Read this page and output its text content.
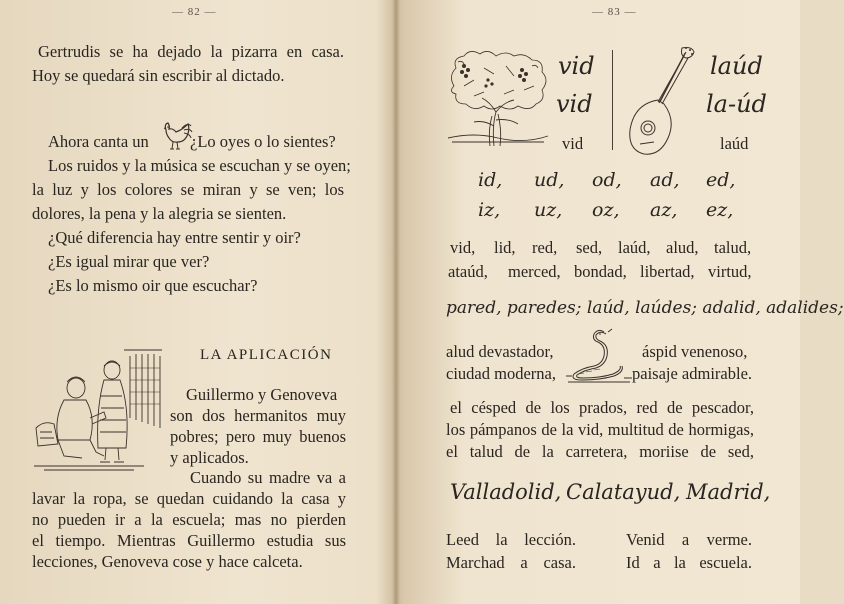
— 82 —
Gertrudis se ha dejado la pizarra en casa.
Hoy se quedará sin escribir al dictado.
Ahora canta un ¿Lo oyes o lo sientes?
Los ruidos y la música se escuchan y se oyen;
la luz y los colores se miran y se ven; los
dolores, la pena y la alegria se sienten.
¿Qué diferencia hay entre sentir y oir?
¿Es igual mirar que ver?
¿Es lo mismo oir que escuchar?
LA APLICACIÓN
Guillermo y Genoveva
son dos hermanitos muy
pobres; pero muy buenos
y aplicados.
Cuando su madre va a
lavar la ropa, se quedan cuidando la casa y
no pueden ir a la escuela; mas no pierden
el tiempo. Mientras Guillermo estudia sus
lecciones, Genoveva cose y hace calceta.
— 83 —
vid
vid
vid
laúd
la-úd
laúd
id, ud, od, ad, ed,
iz, uz, oz, az, ez,
vid, lid, red, sed, laúd, alud, talud,
ataúd, merced, bondad, libertad, virtud,
pared, paredes; laúd, laúdes; adalid, adalides;
alud devastador,
ciudad moderna,
áspid venenoso,
paisaje admirable.
el césped de los prados, red de pescador,
los pámpanos de la vid, multitud de hormigas,
el talud de la carretera, moriise de sed,
Valladolid, Calatayud, Madrid,
Leed la lección.	Venid a verme.
Marchad a casa.	Id a la escuela.
